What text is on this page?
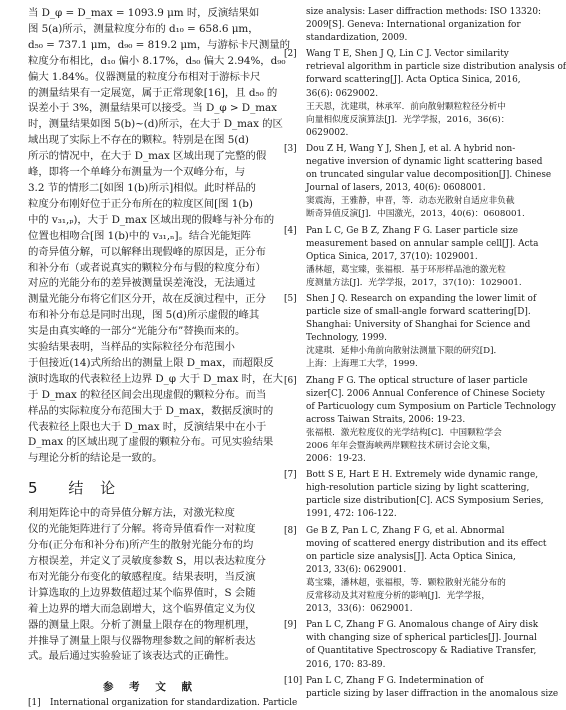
当 D_φ = D_max = 1093.9 μm 时，反演结果如
图 5(a)所示，测量粒度分布的 d₁₀ = 658.6 μm，
d₅₀ = 737.1 μm，d₉₀ = 819.2 μm，与游标卡尺测量的
粒度分布相比，d₁₀ 偏小 8.17%，d₅₀ 偏大 2.94%，d₉₀
偏大 1.84%。仪器测量的粒度分布相对于游标卡尺
的测量结果有一定展宽，属于正常现象[16]，且 d₅₀ 的
误差小于 3%，测量结果可以接受。当 D_φ > D_max
时，测量结果如图 5(b)~(d)所示，在大于 D_max 的区
域出现了实际上不存在的颗粒。特别是在图 5(d)
所示的情况中，在大于 D_max 区域出现了完整的假
峰，即将一个单峰分布测量为一个双峰分布，与
3.2 节的情形二[如图 1(b)所示]相似。此时样品的
粒度分布刚好位于正分布所在的粒度区间[图 1(b)
中的 v₃₁,ₚ)，大于 D_max 区域出现的假峰与补分布的
位置也相吻合[图 1(b)中的 v₃₁,ₙ]。结合光能矩阵
的奇异值分解，可以解释出现假峰的原因是，正分布
和补分布（或者说真实的颗粒分布与假的粒度分布）
对应的光能分布的差异被测量误差淹没，无法通过
测量光能分布将它们区分开，故在反演过程中，正分
布和补分布总是同时出现，图 5(d)所示虚假的峰其
实是由真实峰的一部分“光能分布”替换而来的。
实验结果表明，当样品的实际粒径分布范围小
于但接近(14)式所给出的测量上限 D_max，而超限反
演时选取的代表粒径上边界 D_φ 大于 D_max 时，在大
于 D_max 的粒径区间会出现虚假的颗粒分布。而当
样品的实际粒度分布范围大于 D_max，数据反演时的
代表粒径上限也大于 D_max 时，反演结果中在小于
D_max 的区域出现了虚假的颗粒分布。可见实验结果
与理论分析的结论是一致的。
5 结 论
利用矩阵论中的奇异值分解方法，对激光粒度
仪的光能矩阵进行了分解。将奇异值看作一对粒度
分布(正分布和补分布)所产生的散射光能分布的均
方根误差，并定义了灵敏度参数 S，用以表达粒度分
布对光能分布变化的敏感程度。结果表明，当反演
计算选取的上边界数值超过某个临界值时，S 会随
着上边界的增大而急剧增大，这个临界值定义为仪
器的测量上限。分析了测量上限存在的物理机理，
并推导了测量上限与仪器物理参数之间的解析表达
式。最后通过实验验证了该表达式的正确性。
参 考 文 献
[1]	International organization for standardization. Particle
size analysis: Laser diffraction methods: ISO 13320:
2009[S]. Geneva: International organization for
standardization, 2009.
[2]	Wang T E, Shen J Q, Lin C J. Vector similarity
retrieval algorithm in particle size distribution analysis of
forward scattering[J]. Acta Optica Sinica, 2016,
36(6): 0629002.
王天恩，沈建琪，林承军．前向散射颗粒粒径分析中
向量相似度反演算法[J]．光学学报，2016，36(6)：
0629002.
[3]	Dou Z H, Wang Y J, Shen J, et al. A hybrid non-
negative inversion of dynamic light scattering based
on truncated singular value decomposition[J]. Chinese
Journal of lasers, 2013, 40(6): 0608001.
窦震海，王雅静，申晋，等．动态光散射自适应非负截
断奇异值反演[J]．中国激光，2013，40(6)：0608001.
[4]	Pan L C, Ge B Z, Zhang F G. Laser particle size
measurement based on annular sample cell[J]. Acta
Optica Sinica, 2017, 37(10): 1029001.
潘林超，葛宝臻，张福根．基于环形样品池的激光粒
度测量方法[J]．光学学报，2017，37(10)：1029001.
[5]	Shen J Q. Research on expanding the lower limit of
particle size of small-angle forward scattering[D].
Shanghai: University of Shanghai for Science and
Technology, 1999.
沈建琪．延伸小角前向散射法测量下限的研究[D]．
上海：上海理工大学，1999.
[6]	Zhang F G. The optical structure of laser particle
sizer[C]. 2006 Annual Conference of Chinese Society
of Particuology cum Symposium on Particle Technology
across Taiwan Straits, 2006: 19-23.
张福根．激光粒度仪的光学结构[C]．中国颗粒学会
2006 年年会暨海峡两岸颗粒技术研讨会论文集，
2006：19-23.
[7]	Bott S E, Hart E H. Extremely wide dynamic range,
high-resolution particle sizing by light scattering,
particle size distribution[C]. ACS Symposium Series,
1991, 472: 106-122.
[8]	Ge B Z, Pan L C, Zhang F G, et al. Abnormal
moving of scattered energy distribution and its effect
on particle size analysis[J]. Acta Optica Sinica,
2013, 33(6): 0629001.
葛宝臻，潘林超，张福根，等．颗粒散射光能分布的
反常移动及其对粒度分析的影响[J]．光学学报，
2013，33(6)：0629001.
[9]	Pan L C, Zhang F G. Anomalous change of Airy disk
with changing size of spherical particles[J]. Journal
of Quantitative Spectroscopy & Radiative Transfer,
2016, 170: 83-89.
[10] Pan L C, Zhang F G. Indetermination of
particle sizing by laser diffraction in the anomalous size
